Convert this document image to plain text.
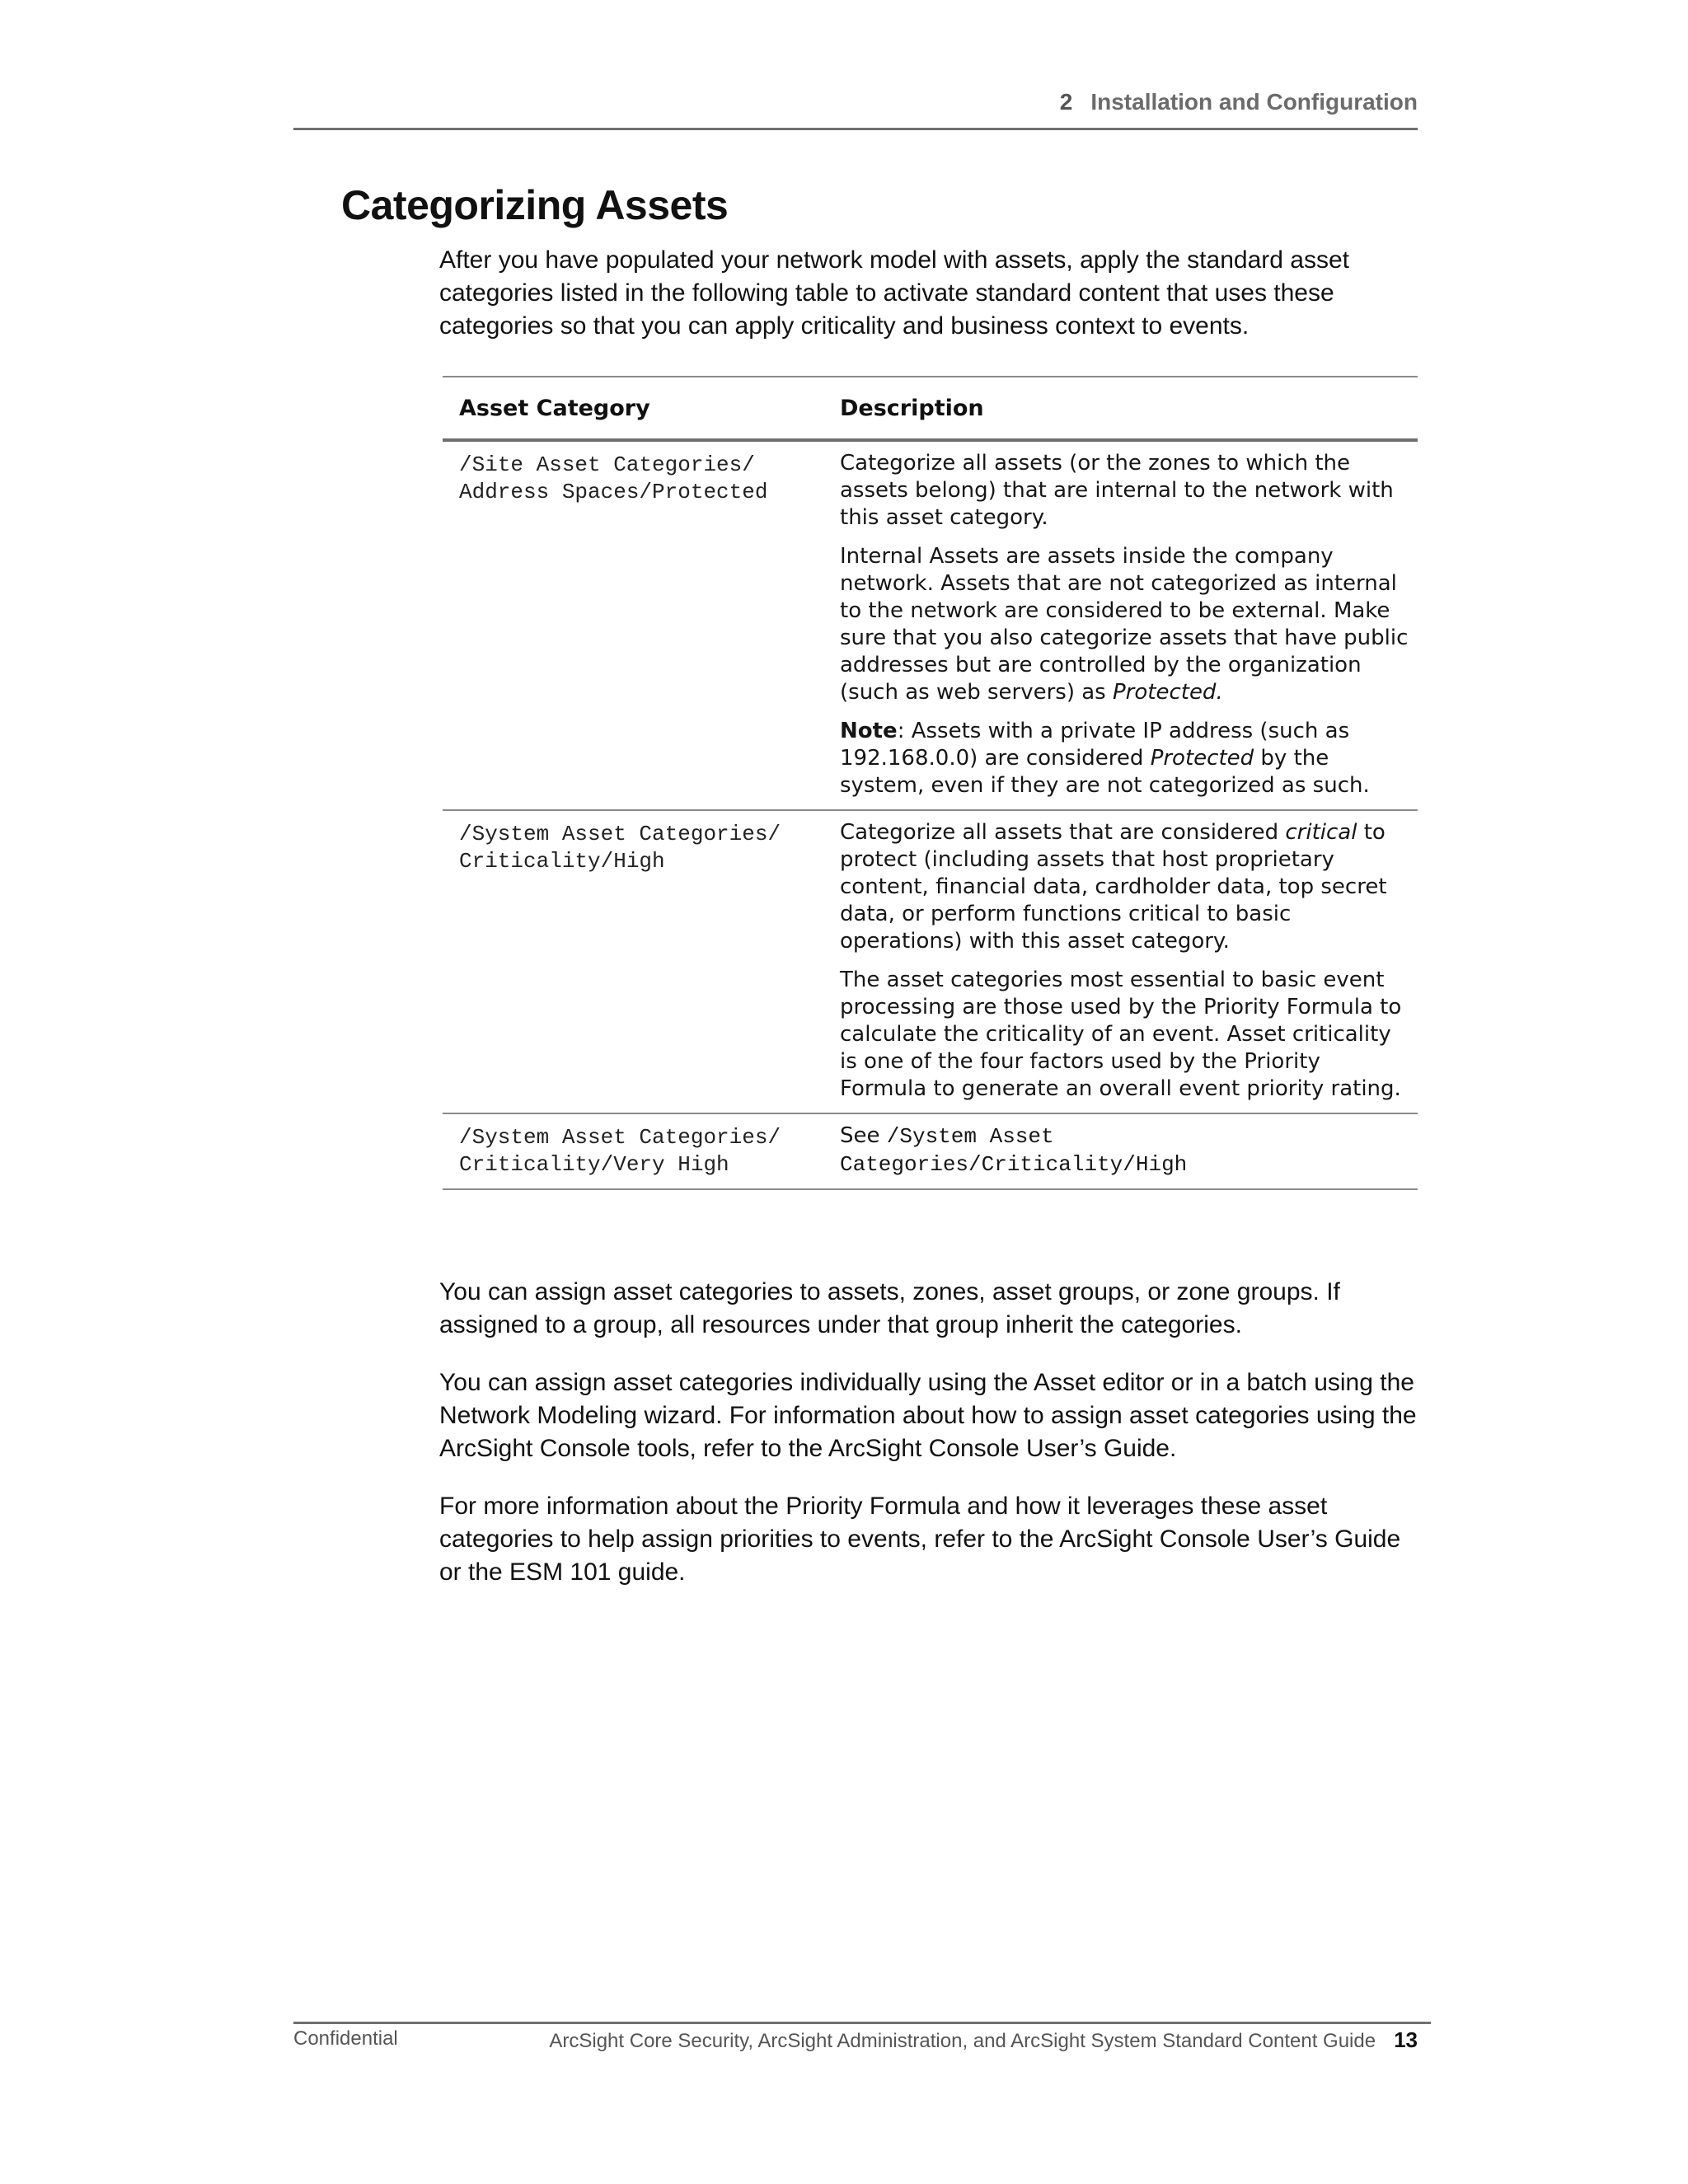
2 Installation and Configuration
Categorizing Assets

After you have populated your network model with assets, apply the standard asset categories listed in the following table to activate standard content that uses these categories so that you can apply criticality and business context to events.

Asset Category	Description
/Site Asset Categories/
Address Spaces/Protected

Categorize all assets (or the zones to which the assets belong) that are internal to the network with this asset category.

Internal Assets are assets inside the company network. Assets that are not categorized as internal to the network are considered to be external. Make sure that you also categorize assets that have public addresses but are controlled by the organization (such as web servers) as Protected.

Note: Assets with a private IP address (such as 192.168.0.0) are considered Protected by the system, even if they are not categorized as such.

/System Asset Categories/
Criticality/High

Categorize all assets that are considered critical to protect (including assets that host proprietary content, financial data, cardholder data, top secret data, or perform functions critical to basic operations) with this asset category.

The asset categories most essential to basic event processing are those used by the Priority Formula to calculate the criticality of an event. Asset criticality is one of the four factors used by the Priority Formula to generate an overall event priority rating.

/System Asset Categories/
Criticality/Very High

See /System Asset Categories/Criticality/High

You can assign asset categories to assets, zones, asset groups, or zone groups. If assigned to a group, all resources under that group inherit the categories.

You can assign asset categories individually using the Asset editor or in a batch using the Network Modeling wizard. For information about how to assign asset categories using the ArcSight Console tools, refer to the ArcSight Console User’s Guide.

For more information about the Priority Formula and how it leverages these asset categories to help assign priorities to events, refer to the ArcSight Console User’s Guide or the ESM 101 guide.

Confidential	ArcSight Core Security, ArcSight Administration, and ArcSight System Standard Content Guide 13
